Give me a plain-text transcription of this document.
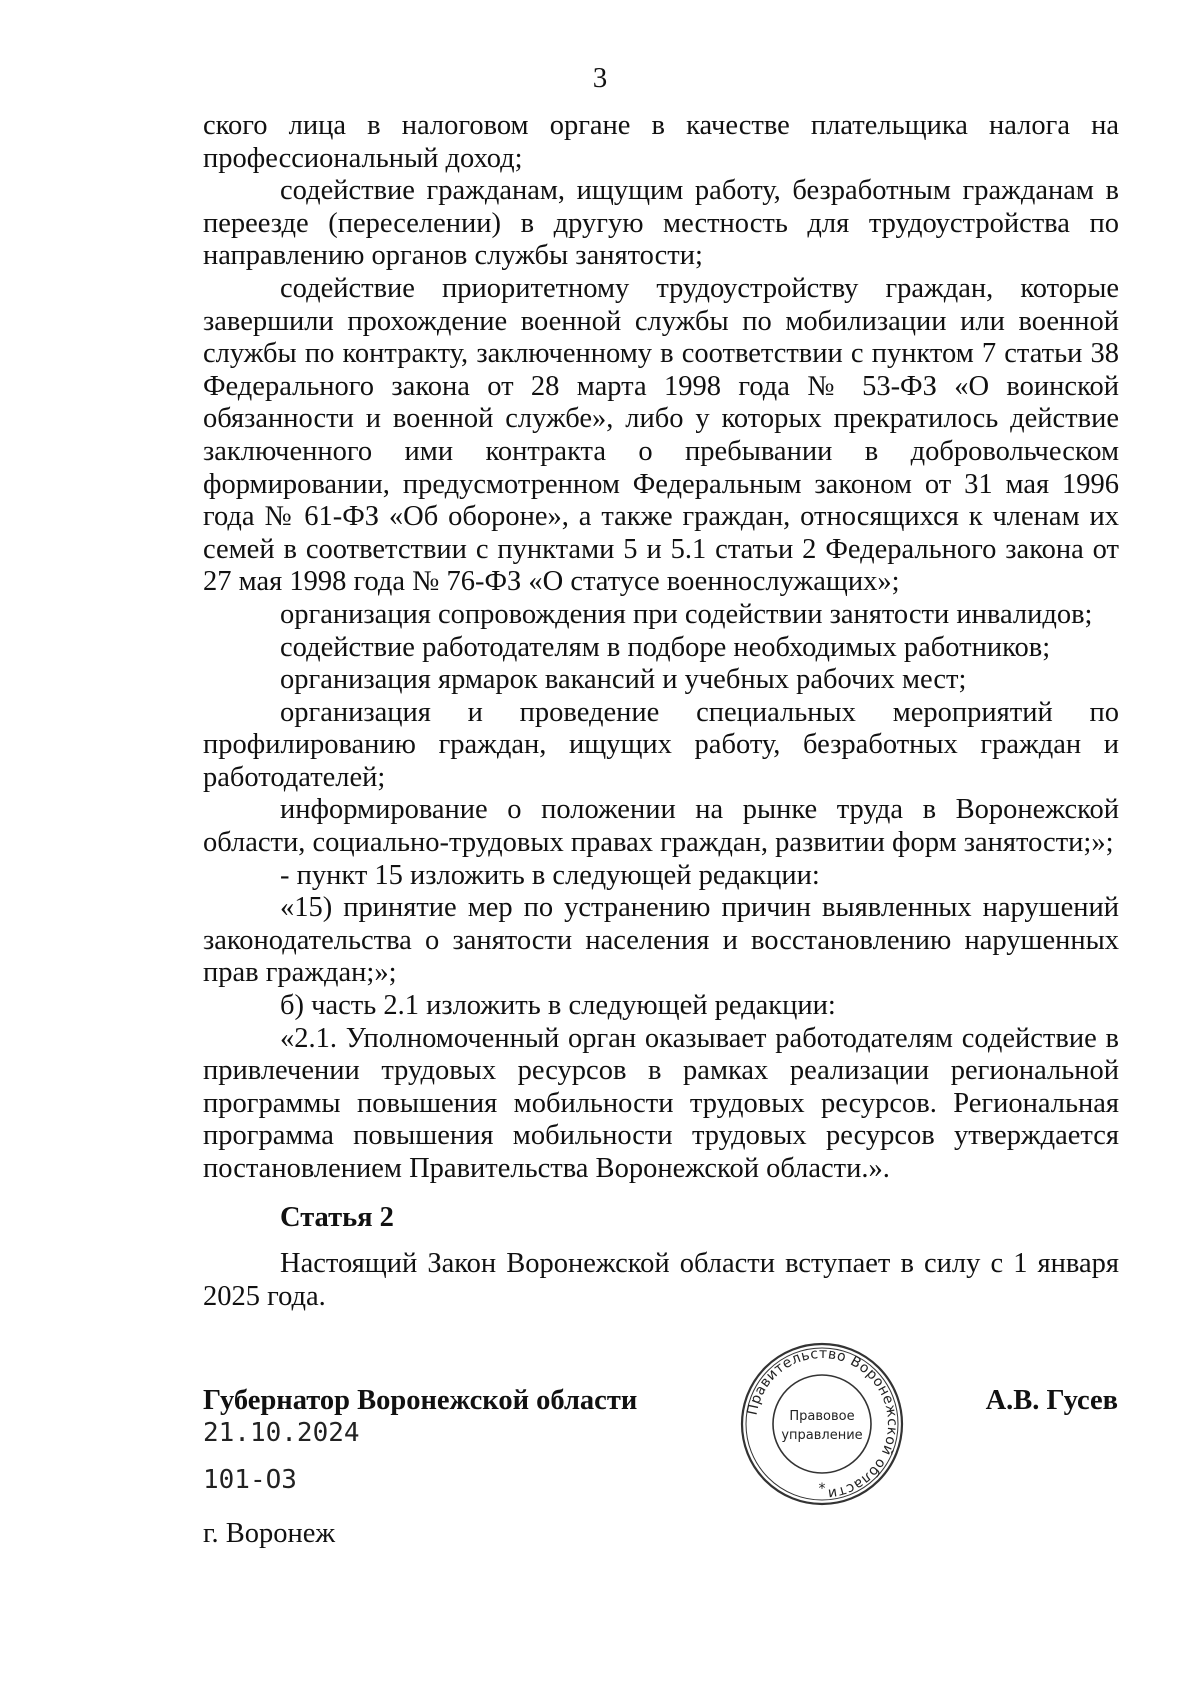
3

ского лица в налоговом органе в качестве плательщика налога на профессиональный доход;

содействие гражданам, ищущим работу, безработным гражданам в переезде (переселении) в другую местность для трудоустройства по направлению органов службы занятости;

содействие приоритетному трудоустройству граждан, которые завершили прохождение военной службы по мобилизации или военной службы по контракту, заключенному в соответствии с пунктом 7 статьи 38 Федерального закона от 28 марта 1998 года № 53-ФЗ «О воинской обязанности и военной службе», либо у которых прекратилось действие заключенного ими контракта о пребывании в добровольческом формировании, предусмотренном Федеральным законом от 31 мая 1996 года № 61-ФЗ «Об обороне», а также граждан, относящихся к членам их семей в соответствии с пунктами 5 и 5.1 статьи 2 Федерального закона от 27 мая 1998 года № 76-ФЗ «О статусе военнослужащих»;

организация сопровождения при содействии занятости инвалидов;

содействие работодателям в подборе необходимых работников;

организация ярмарок вакансий и учебных рабочих мест;

организация и проведение специальных мероприятий по профилированию граждан, ищущих работу, безработных граждан и работодателей;

информирование о положении на рынке труда в Воронежской области, социально-трудовых правах граждан, развитии форм занятости;»;

- пункт 15 изложить в следующей редакции:

«15) принятие мер по устранению причин выявленных нарушений законодательства о занятости населения и восстановлению нарушенных прав граждан;»;

б) часть 2.1 изложить в следующей редакции:

«2.1. Уполномоченный орган оказывает работодателям содействие в привлечении трудовых ресурсов в рамках реализации региональной программы повышения мобильности трудовых ресурсов. Региональная программа повышения мобильности трудовых ресурсов утверждается постановлением Правительства Воронежской области.».

Статья 2

Настоящий Закон Воронежской области вступает в силу с 1 января 2025 года.

Губернатор Воронежской области	А.В. Гусев
21.10.2024
101-ОЗ
г. Воронеж
Правительство Воронежской области
Правовое
управление
*
